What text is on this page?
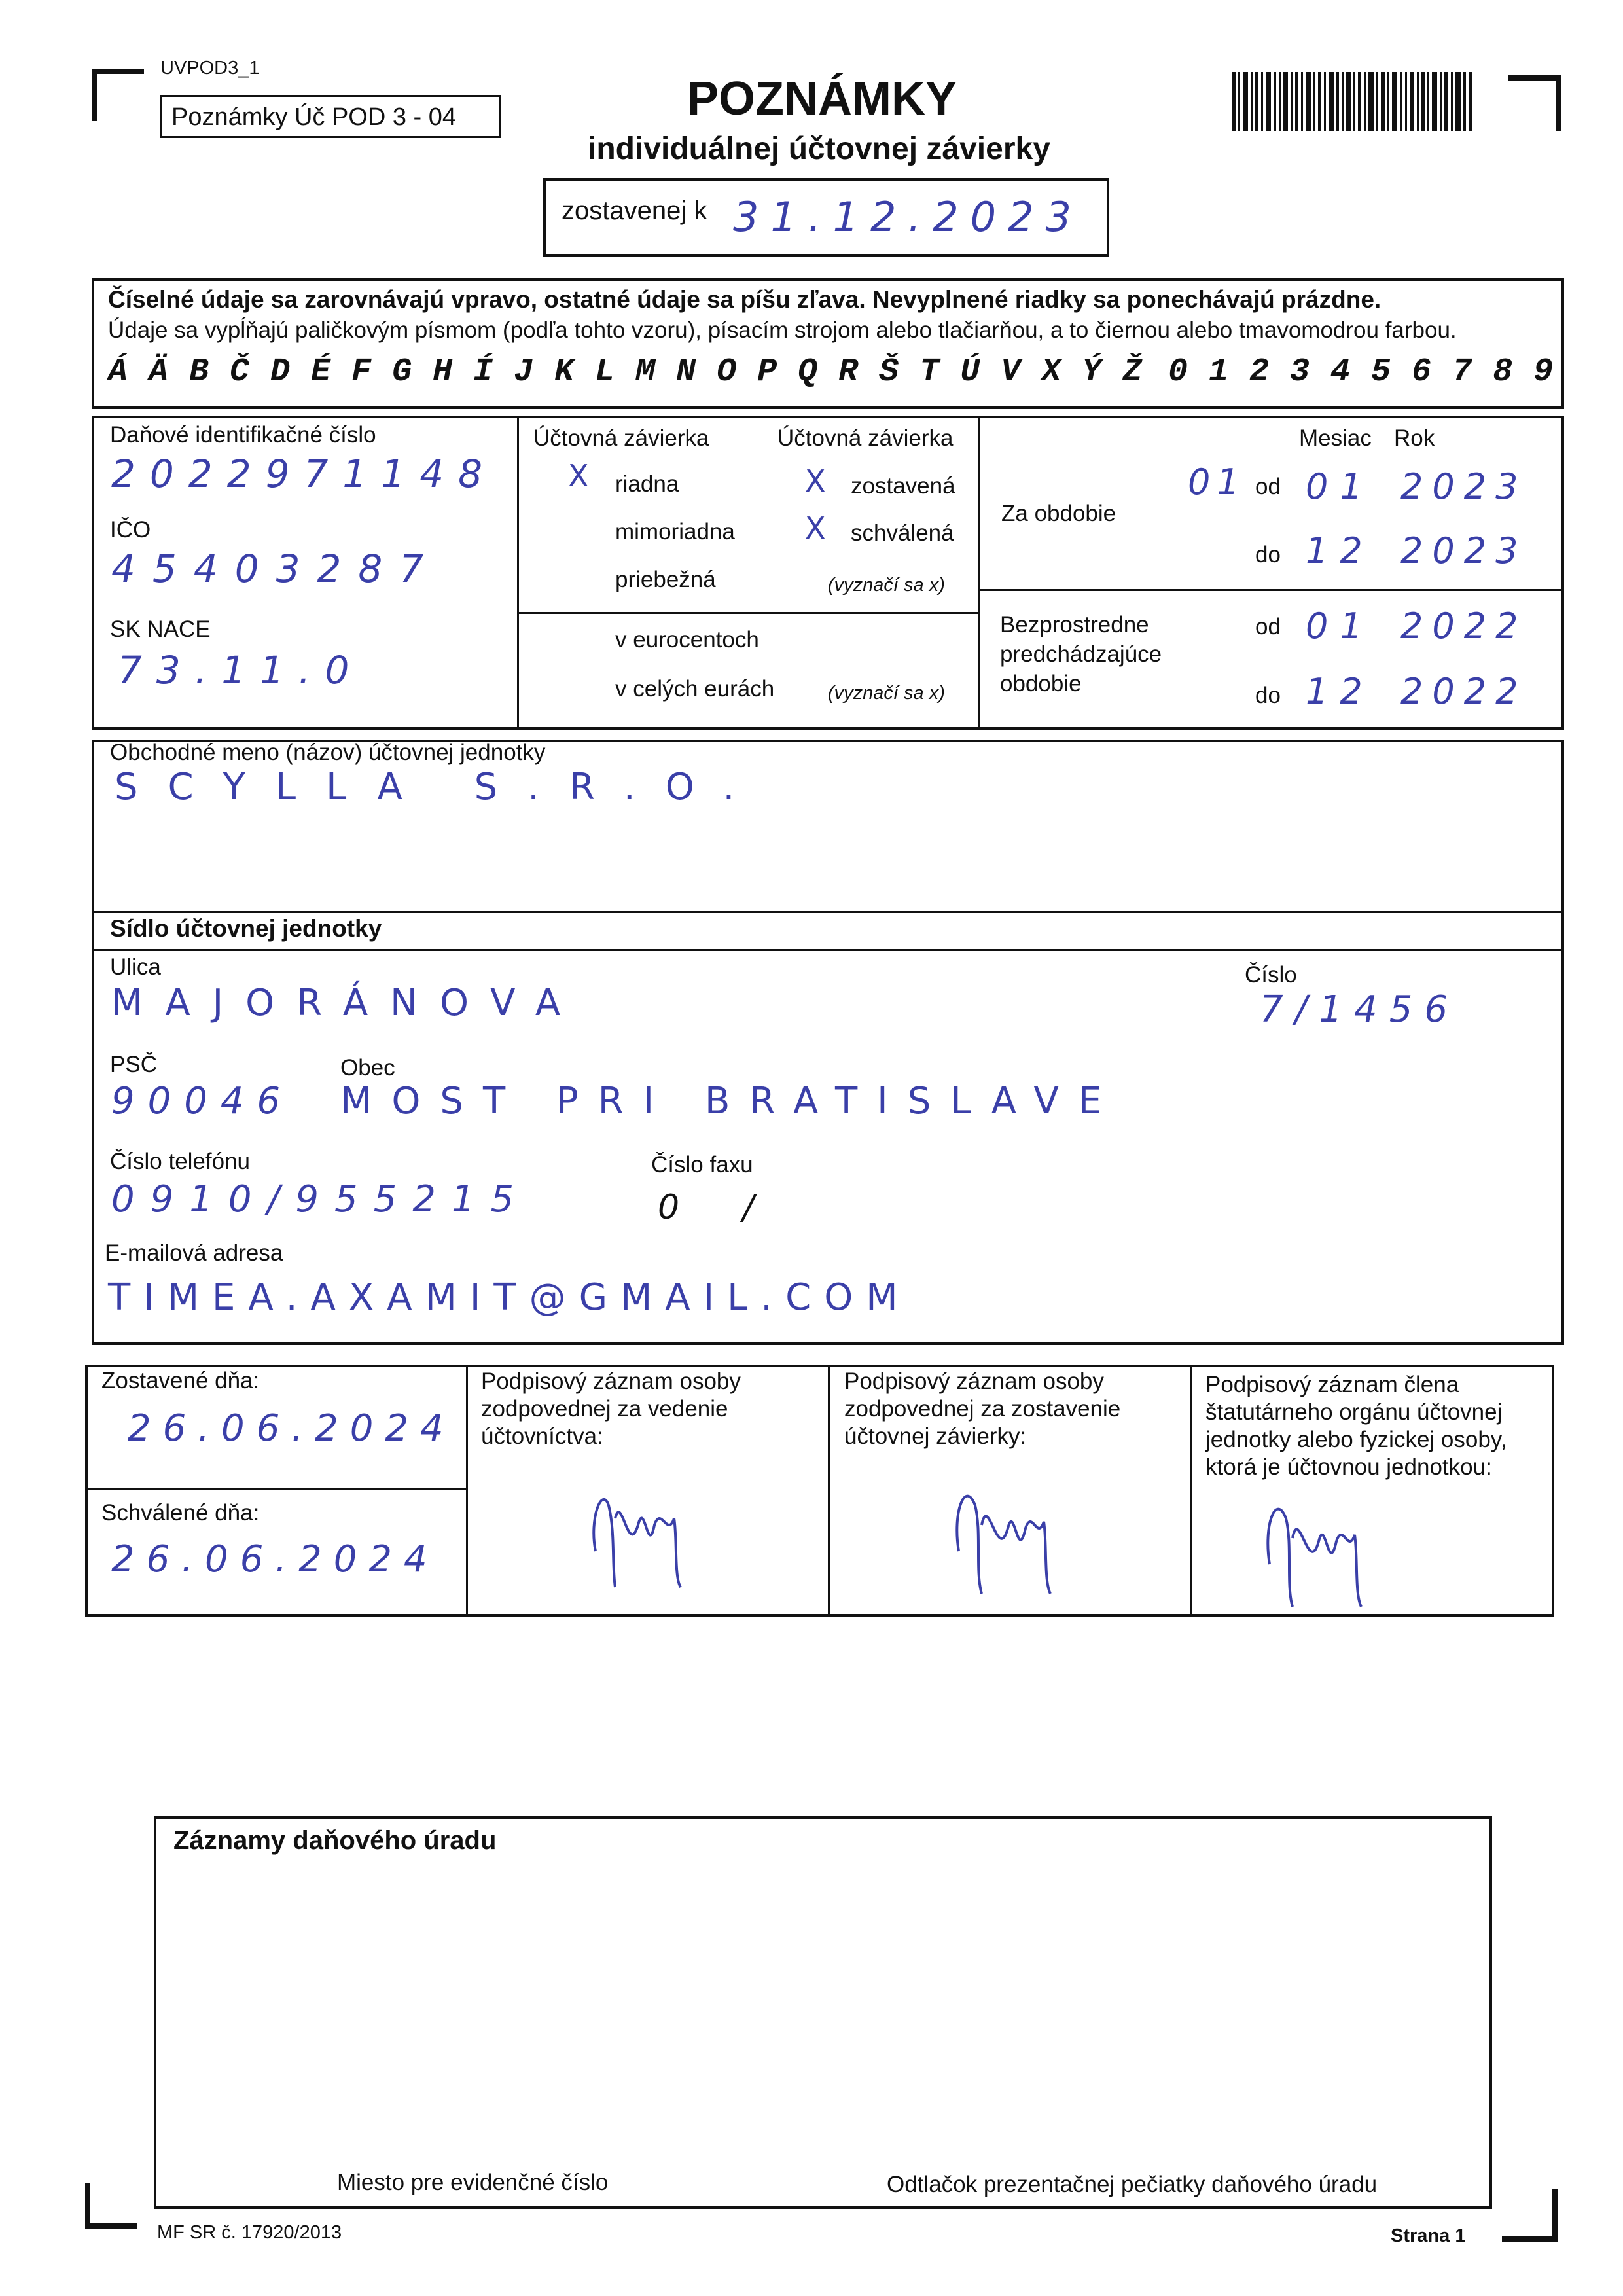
UVPOD3_1
Poznámky Úč POD 3 - 04	POZNÁMKY
individuálnej účtovnej závierky
zostavenej k 31.12.2023
Číselné údaje sa zarovnávajú vpravo, ostatné údaje sa píšu zľava. Nevyplnené riadky sa ponechávajú prázdne.
Údaje sa vypĺňajú paličkovým písmom (podľa tohto vzoru), písacím strojom alebo tlačiarňou, a to čiernou alebo tmavomodrou farbou.
Á Ä B Č D É F G H Í J K L M N O P Q R Š T Ú V X Ý Ž 0 1 2 3 4 5 6 7 8 9
Daňové identifikačné číslo
2022971148
IČO
45403287
SK NACE
73.11.0
Účtovná závierka	Účtovná závierka
X riadna
mimoriadna
priebežná
X zostavená
X schválená
(vyznačí sa x)
v eurocentoch
v celých eurách	(vyznačí sa x)
Mesiac Rok
Za obdobie
01 od 01 2023
do 12 2023
Bezprostredne
predchádzajúce
obdobie
od 01 2022
do 12 2022
Obchodné meno (názov) účtovnej jednotky
SCYLLA S.R.O.
Sídlo účtovnej jednotky
Ulica
MAJORÁNOVA
Číslo
7/1456
PSČ
90046
Obec
MOST PRI BRATISLAVE
Číslo telefónu
0910/955215
Číslo faxu
0 /
E-mailová adresa
TIMEA.AXAMIT@GMAIL.COM
Zostavené dňa:
26.06.2024
Schválené dňa:
26.06.2024
Podpisový záznam osoby zodpovednej za vedenie účtovníctva:
Podpisový záznam osoby zodpovednej za zostavenie účtovnej závierky:
Podpisový záznam člena štatutárneho orgánu účtovnej jednotky alebo fyzickej osoby, ktorá je účtovnou jednotkou:
Záznamy daňového úradu
Miesto pre evidenčné číslo	Odtlačok prezentačnej pečiatky daňového úradu
MF SR č. 17920/2013	Strana 1
